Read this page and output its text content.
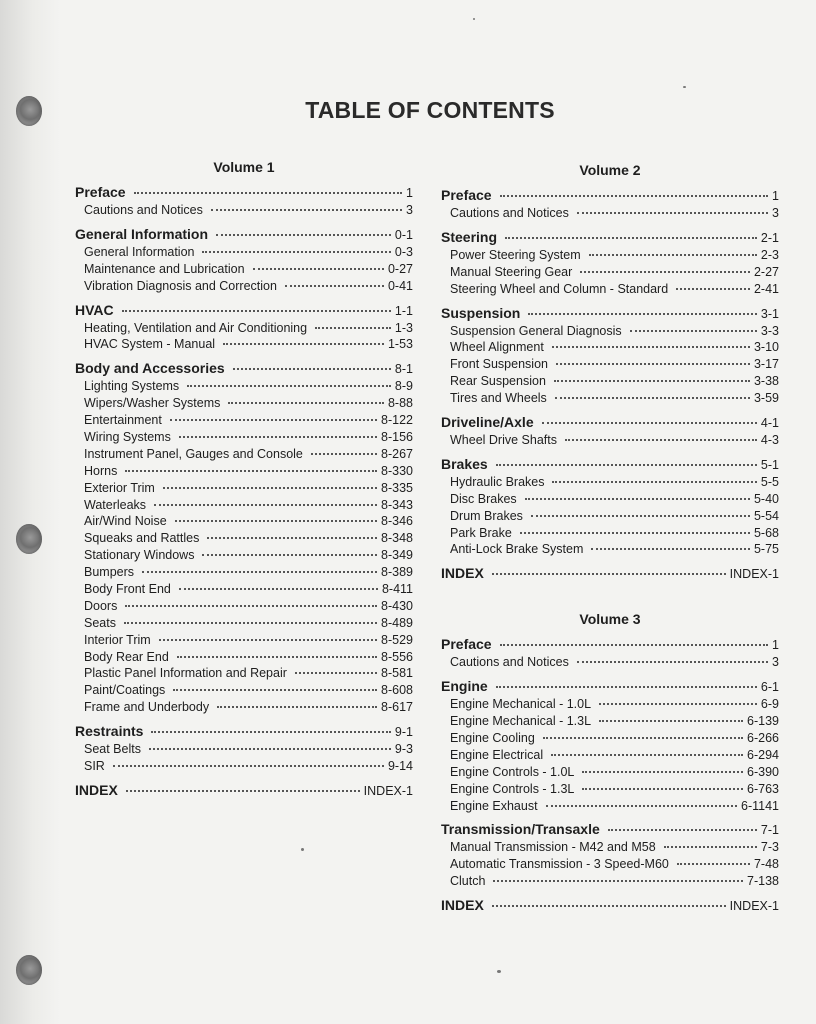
TABLE OF CONTENTS
Volume 1
Preface	1
Cautions and Notices	3
General Information	0-1
General Information	0-3
Maintenance and Lubrication	0-27
Vibration Diagnosis and Correction	0-41
HVAC	1-1
Heating, Ventilation and Air Conditioning	1-3
HVAC System - Manual	1-53
Body and Accessories	8-1
Lighting Systems	8-9
Wipers/Washer Systems	8-88
Entertainment	8-122
Wiring Systems	8-156
Instrument Panel, Gauges and Console	8-267
Horns	8-330
Exterior Trim	8-335
Waterleaks	8-343
Air/Wind Noise	8-346
Squeaks and Rattles	8-348
Stationary Windows	8-349
Bumpers	8-389
Body Front End	8-411
Doors	8-430
Seats	8-489
Interior Trim	8-529
Body Rear End	8-556
Plastic Panel Information and Repair	8-581
Paint/Coatings	8-608
Frame and Underbody	8-617
Restraints	9-1
Seat Belts	9-3
SIR	9-14
INDEX	INDEX-1
Volume 2
Preface	1
Cautions and Notices	3
Steering	2-1
Power Steering System	2-3
Manual Steering Gear	2-27
Steering Wheel and Column - Standard	2-41
Suspension	3-1
Suspension General Diagnosis	3-3
Wheel Alignment	3-10
Front Suspension	3-17
Rear Suspension	3-38
Tires and Wheels	3-59
Driveline/Axle	4-1
Wheel Drive Shafts	4-3
Brakes	5-1
Hydraulic Brakes	5-5
Disc Brakes	5-40
Drum Brakes	5-54
Park Brake	5-68
Anti-Lock Brake System	5-75
INDEX	INDEX-1
Volume 3
Preface	1
Cautions and Notices	3
Engine	6-1
Engine Mechanical - 1.0L	6-9
Engine Mechanical - 1.3L	6-139
Engine Cooling	6-266
Engine Electrical	6-294
Engine Controls - 1.0L	6-390
Engine Controls - 1.3L	6-763
Engine Exhaust	6-1141
Transmission/Transaxle	7-1
Manual Transmission - M42 and M58	7-3
Automatic Transmission - 3 Speed-M60	7-48
Clutch	7-138
INDEX	INDEX-1
